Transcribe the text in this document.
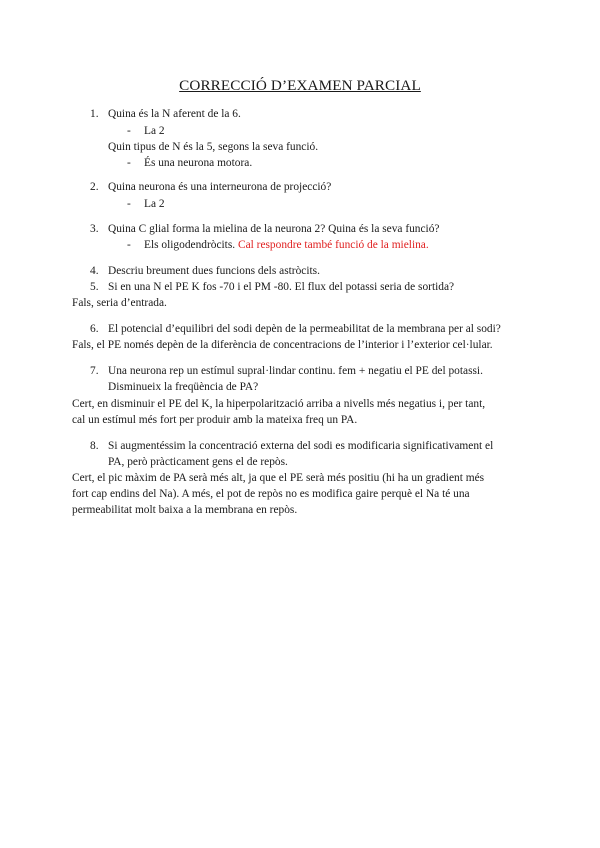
CORRECCIÓ D’EXAMEN PARCIAL
1. Quina és la N aferent de la 6.
- La 2
Quin tipus de N és la 5, segons la seva funció.
- És una neurona motora.
2. Quina neurona és una interneurona de projecció?
- La 2
3. Quina C glial forma la mielina de la neurona 2? Quina és la seva funció?
- Els oligodendròcits. Cal respondre també funció de la mielina.
4. Descriu breument dues funcions dels astròcits.
5. Si en una N el PE K fos -70 i el PM -80. El flux del potassi seria de sortida?
Fals, seria d’entrada.
6. El potencial d’equilibri del sodi depèn de la permeabilitat de la membrana per al sodi?
Fals, el PE només depèn de la diferència de concentracions de l’interior i l’exterior cel·lular.
7. Una neurona rep un estímul supral·lindar continu. fem + negatiu el PE del potassi.
Disminueix la freqüència de PA?
Cert, en disminuir el PE del K, la hiperpolarització arriba a nivells més negatius i, per tant,
cal un estímul més fort per produir amb la mateixa freq un PA.
8. Si augmentéssim la concentració externa del sodi es modificaria significativament el
PA, però pràcticament gens el de repòs.
Cert, el pic màxim de PA serà més alt, ja que el PE serà més positiu (hi ha un gradient més
fort cap endins del Na). A més, el pot de repòs no es modifica gaire perquè el Na té una
permeabilitat molt baixa a la membrana en repòs.
